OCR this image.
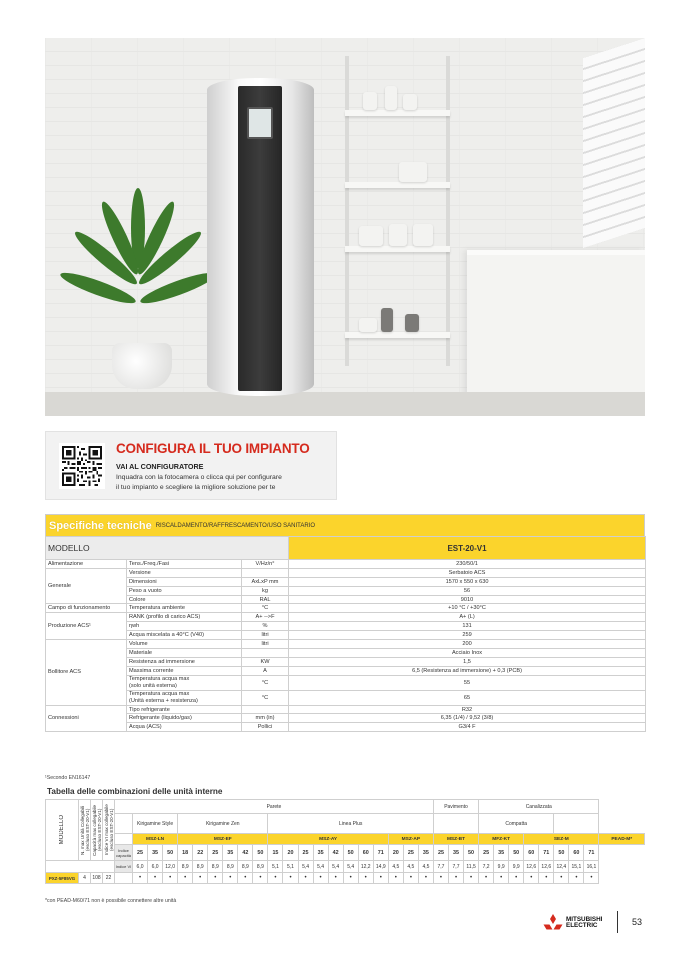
CONFIGURA IL TUO IMPIANTO
VAI AL CONFIGURATORE
Inquadra con la fotocamera o clicca qui per configurare
il tuo impianto e scegliere la migliore soluzione per te
Specifiche tecniche RISCALDAMENTO/RAFFRESCAMENTO/USO SANITARIO
MODELLO			EST-20-V1
Alimentazione	Tens./Freq./Fasi	V/Hz/n°	230/50/1
Generale	Versione		Serbatoio ACS
	Dimensioni	AxLxP mm	1570 x 550 x 630
	Peso a vuoto	kg	56
	Colore	RAL	9010
Campo di funzionamento	Temperatura ambiente	°C	+10 °C / +30°C
Produzione ACS¹	RANK (profilo di carico ACS)	A+ -->F	A+ (L)
	ηwh	%	131
	Acqua miscelata a 40°C (V40)	litri	259
Bollitore ACS	Volume	litri	200
	Materiale		Acciaio Inox
	Resistenza ad immersione	KW	1,5
	Massima corrente	A	6,5 (Resistenza ad immersione) + 0,3 (PCB)

	Temperatura acqua max
(solo unità esterna)	°C	55

	Temperatura acqua max
(Unità esterna + resistenza)	°C	65
Connessioni	Tipo refrigerante		R32
	Refrigerante (liquido/gas)	mm (in)	6,35 (1/4) / 9,52 (3/8)
	Acqua (ACS)	Pollici	G3/4 F
¹Secondo EN16147
Tabella delle combinazioni delle unità interne
MODELLO	N. max Unità Collegabili (escluso EST-20-V1)	Capacità max collegabile (escluso EST-20-V1)	Indice VI max collegabile (escluso EST-20-V1)	Parete																					Pavimento			Canalizzata								
					Kirigamine Style			Kirigamine Zen						Linea Plus														Compatta								
					MSZ-LN			MSZ-EF						MSZ-AY								MSZ-AP			MSZ-BT			MFZ-KT			SEZ-M					PEAD-M*
				Indice capacità	25	35	50	18	22	25	35	42	50	15	20	25	35	42	50	60	71	20	25	35	25	35	50	25	35	50	60	71	50	60	71	
				Indice VI	6,0	6,0	12,0	8,9	8,9	8,9	8,9	8,9	8,9	5,1	5,1	5,4	5,4	5,4	5,4	12,2	14,9	4,5	4,5	4,5	7,7	7,7	11,5	7,2	9,9	9,9	12,6	12,6	12,4	15,1	16,1	
PXZ-5F85VG	4	108	22		•	•	•	•	•	•	•	•	•	•	•	•	•	•	•	•	•	•	•	•	•	•	•	•	•	•	•	•	•	•	•	
*con PEAD-M60/71 non è possibile connettere altre unità
MITSUBISHI
ELECTRIC	53
